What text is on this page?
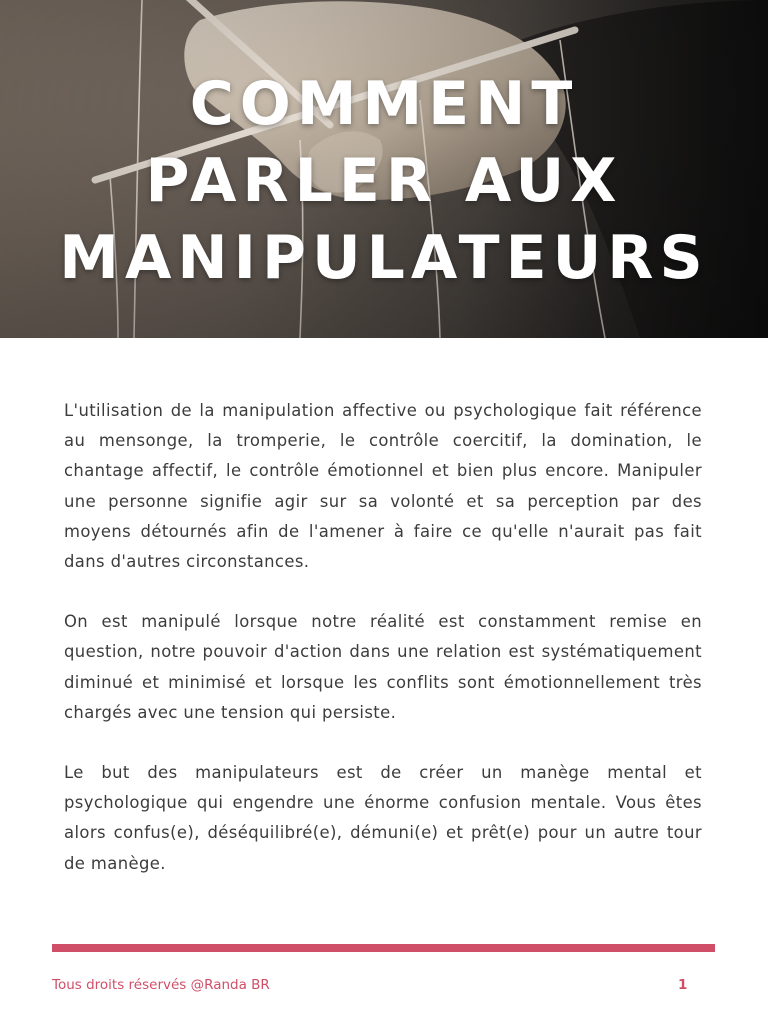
COMMENT
PARLER AUX
MANIPULATEURS

L'utilisation de la manipulation affective ou psychologique fait référence au mensonge, la tromperie, le contrôle coercitif, la domination, le chantage affectif, le contrôle émotionnel et bien plus encore. Manipuler une personne signifie agir sur sa volonté et sa perception par des moyens détournés afin de l'amener à faire ce qu'elle n'aurait pas fait dans d'autres circonstances.

On est manipulé lorsque notre réalité est constamment remise en question, notre pouvoir d'action dans une relation est systématiquement diminué et minimisé et lorsque les conflits sont émotionnellement très chargés avec une tension qui persiste.

Le but des manipulateurs est de créer un manège mental et psychologique qui engendre une énorme confusion mentale. Vous êtes alors confus(e), déséquilibré(e), démuni(e) et prêt(e) pour un autre tour de manège.

Tous droits réservés @Randa BR	1
